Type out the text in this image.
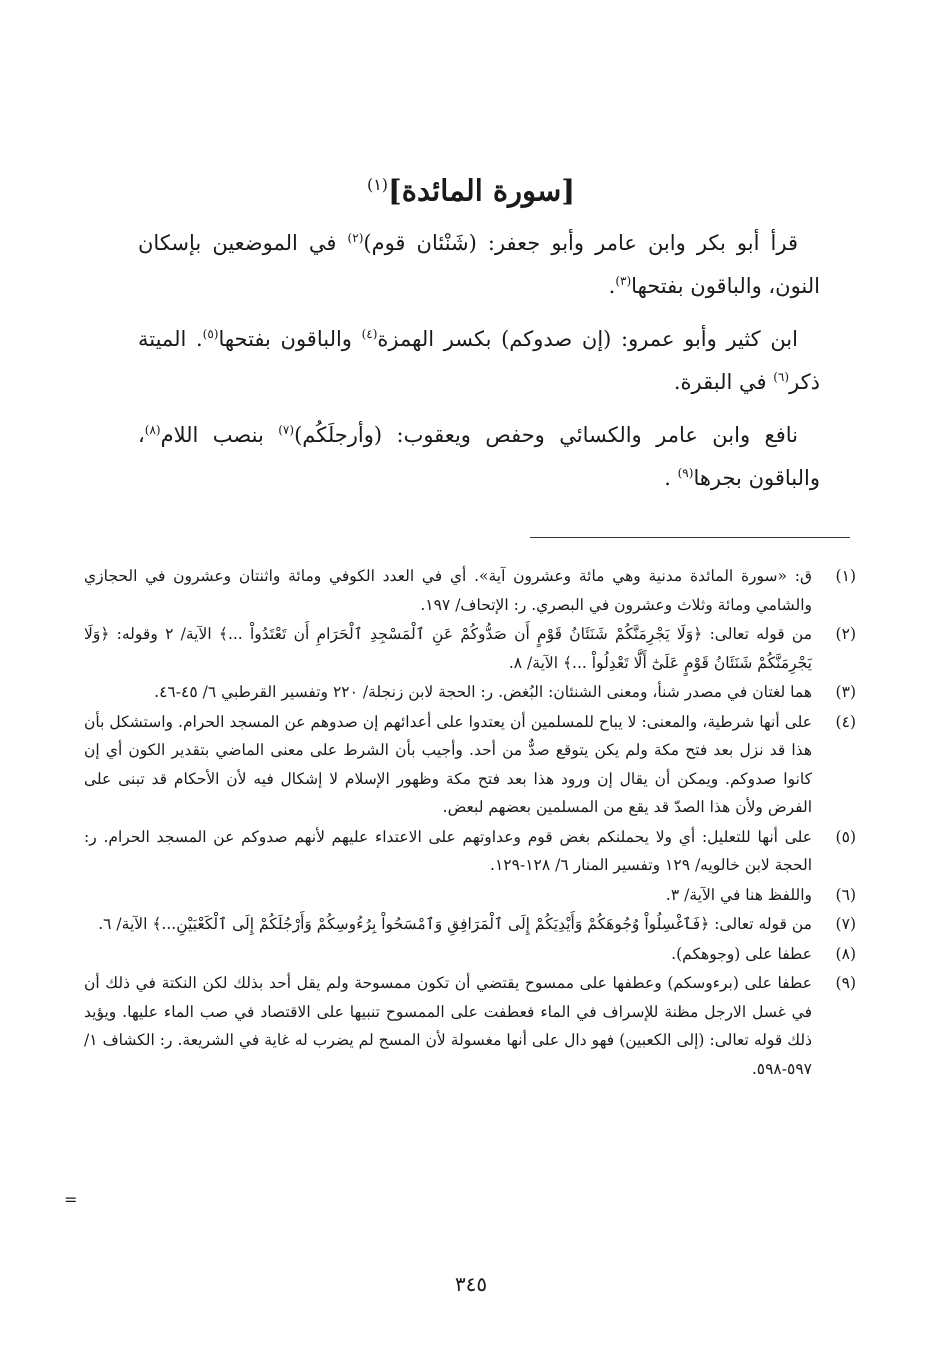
[سورة المائدة]$^{(١)}$

قرأ أبو بكر وابن عامر وأبو جعفر: (شَنْئان قوم)$^{(٢)}$ في الموضعين بإسكان النون، والباقون بفتحها$^{(٣)}$.

ابن كثير وأبو عمرو: (إن صدوكم) بكسر الهمزة$^{(٤)}$ والباقون بفتحها$^{(٥)}$. الميتة ذكر$^{(٦)}$ في البقرة.

نافع وابن عامر والكسائي وحفص ويعقوب: (وأرجلَكُم)$^{(٧)}$ بنصب اللام$^{(٨)}$، والباقون بجرها$^{(٩)}$ .

(١)
ق: «سورة المائدة مدنية وهي مائة وعشرون آية». أي في العدد الكوفي ومائة واثنتان وعشرون في الحجازي والشامي ومائة وثلاث وعشرون في البصري. ر: الإتحاف/ ١٩٧.
(٢)
من قوله تعالى: ﴿وَلَا يَجْرِمَنَّكُمْ شَنَئَانُ قَوْمٍ أَن صَدُّوكُمْ عَنِ ٱلْمَسْجِدِ ٱلْحَرَامِ أَن تَعْتَدُواْ ...﴾ الآية/ ٢ وقوله: ﴿وَلَا يَجْرِمَنَّكُمْ شَنَئَانُ قَوْمٍ عَلَىٰٓ أَلَّا تَعْدِلُواْ ...﴾ الآية/ ٨.
(٣)
هما لغتان في مصدر شنأ، ومعنى الشنئان: البُغض. ر: الحجة لابن زنجلة/ ٢٢٠ وتفسير القرطبي ٦/ ٤٥-٤٦.
(٤)
على أنها شرطية، والمعنى: لا يباح للمسلمين أن يعتدوا على أعدائهم إن صدوهم عن المسجد الحرام. واستشكل بأن هذا قد نزل بعد فتح مكة ولم يكن يتوقع صدٌّ من أحد. وأجيب بأن الشرط على معنى الماضي بتقدير الكون أي إن كانوا صدوكم. ويمكن أن يقال إن ورود هذا بعد فتح مكة وظهور الإسلام لا إشكال فيه لأن الأحكام قد تبنى على الفرض ولأن هذا الصدّ قد يقع من المسلمين بعضهم لبعض.
(٥)
على أنها للتعليل: أي ولا يحملنكم بغض قوم وعداوتهم على الاعتداء عليهم لأنهم صدوكم عن المسجد الحرام. ر: الحجة لابن خالويه/ ١٢٩ وتفسير المنار ٦/ ١٢٨-١٢٩.
(٦)
واللفظ هنا في الآية/ ٣.
(٧)
من قوله تعالى: ﴿فَٱغْسِلُواْ وُجُوهَكُمْ وَأَيْدِيَكُمْ إِلَى ٱلْمَرَافِقِ وَٱمْسَحُواْ بِرُءُوسِكُمْ وَأَرْجُلَكُمْ إِلَى ٱلْكَعْبَيْنِ...﴾ الآية/ ٦.
(٨)
عطفا على (وجوهكم).
(٩)
عطفا على (برءوسكم) وعطفها على ممسوح يقتضي أن تكون ممسوحة ولم يقل أحد بذلك لكن النكتة في ذلك أن في غسل الارجل مظنة للإسراف في الماء فعطفت على الممسوح تنبيها على الاقتصاد في صب الماء عليها. ويؤيد ذلك قوله تعالى: (إلى الكعبين) فهو دال على أنها مغسولة لأن المسح لم يضرب له غاية في الشريعة. ر: الكشاف ١/ ٥٩٧-٥٩٨.
=
٣٤٥
